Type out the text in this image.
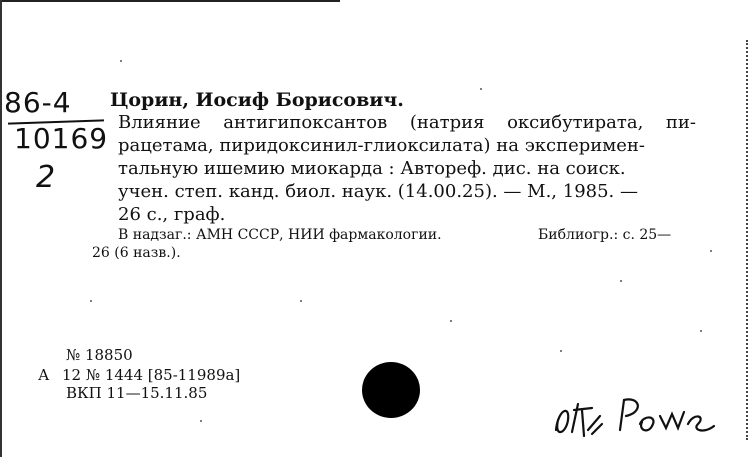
86-4
10169
2
Цорин, Иосиф Борисович.
Влияние антигипоксантов (натрия оксибутирата, пи-
рацетама, пиридоксинил-глиоксилата) на эксперимен-
тальную ишемию миокарда : Автореф. дис. на соиск.
учен. степ. канд. биол. наук. (14.00.25). — М., 1985. —
26 с., граф.
В надзаг.: АМН СССР, НИИ фармакологии.	Библиогр.: с. 25—
26 (6 назв.).
№ 18850
А 12 № 1444 [85-11989а]
ВКП 11—15.11.85
